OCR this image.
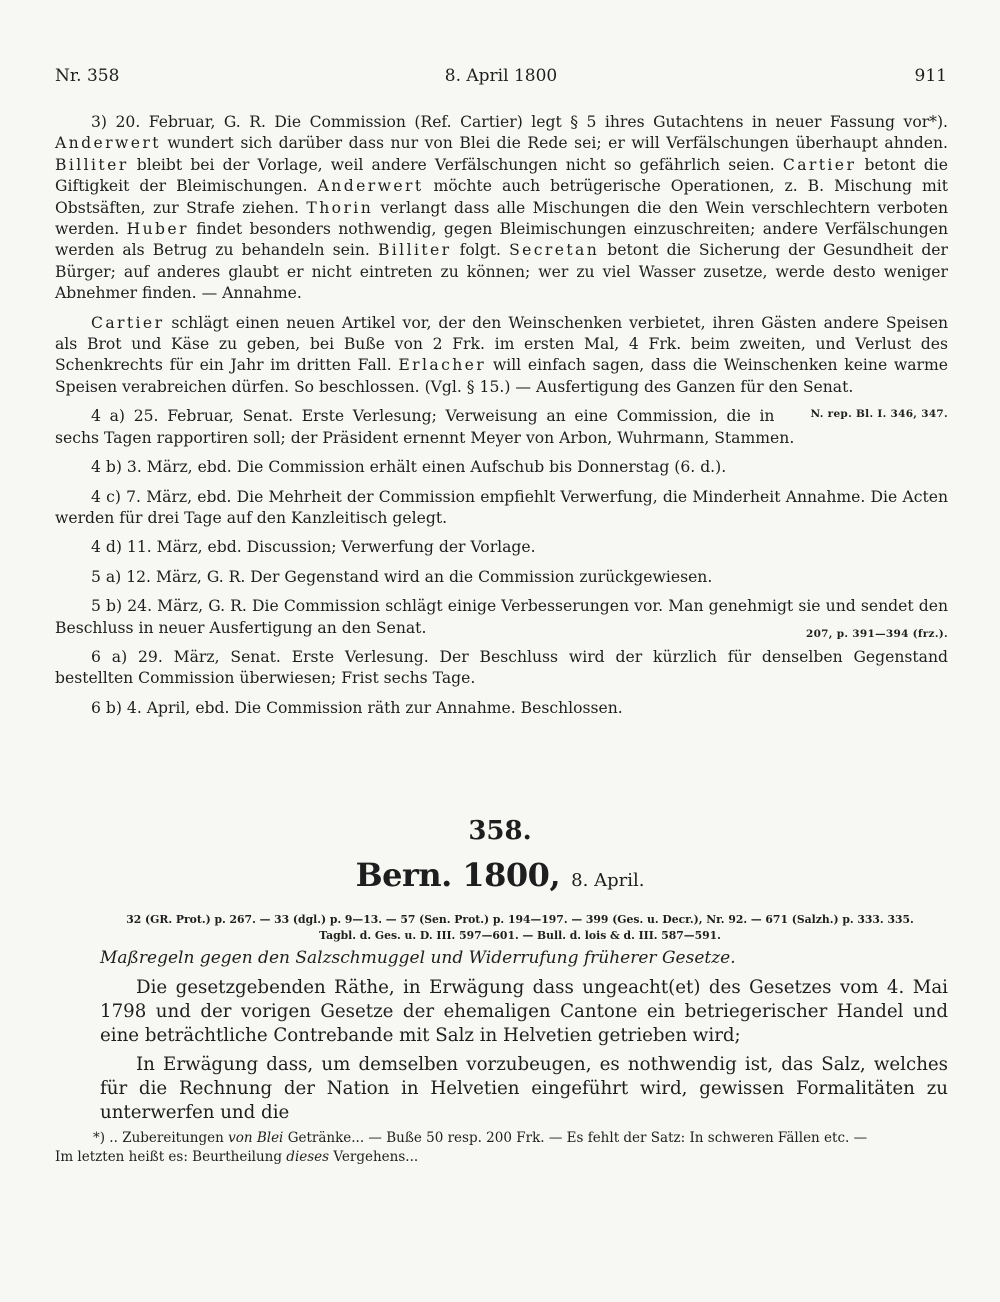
Nr. 358	8. April 1800	911

3) 20. Februar, G. R. Die Commission (Ref. Cartier) legt § 5 ihres Gutachtens in neuer Fassung vor*). Anderwert wundert sich darüber dass nur von Blei die Rede sei; er will Verfälschungen überhaupt ahnden. Billiter bleibt bei der Vorlage, weil andere Verfälschungen nicht so gefährlich seien. Cartier betont die Giftigkeit der Bleimischungen. Anderwert möchte auch betrügerische Operationen, z. B. Mischung mit Obstsäften, zur Strafe ziehen. Thorin verlangt dass alle Mischungen die den Wein verschlechtern verboten werden. Huber findet besonders nothwendig, gegen Bleimischungen einzuschreiten; andere Verfälschungen werden als Betrug zu behandeln sein. Billiter folgt. Secretan betont die Sicherung der Gesundheit der Bürger; auf anderes glaubt er nicht eintreten zu können; wer zu viel Wasser zusetze, werde desto weniger Abnehmer finden. — Annahme.

Cartier schlägt einen neuen Artikel vor, der den Weinschenken verbietet, ihren Gästen andere Speisen als Brot und Käse zu geben, bei Buße von 2 Frk. im ersten Mal, 4 Frk. beim zweiten, und Verlust des Schenkrechts für ein Jahr im dritten Fall. Erlacher will einfach sagen, dass die Weinschenken keine warme Speisen verabreichen dürfen. So beschlossen. (Vgl. § 15.) — Ausfertigung des Ganzen für den Senat.
N. rep. Bl. I. 346, 347.

4 a) 25. Februar, Senat. Erste Verlesung; Verweisung an eine Commission, die in sechs Tagen rapportiren soll; der Präsident ernennt Meyer von Arbon, Wuhrmann, Stammen.

4 b) 3. März, ebd. Die Commission erhält einen Aufschub bis Donnerstag (6. d.).

4 c) 7. März, ebd. Die Mehrheit der Commission empfiehlt Verwerfung, die Minderheit Annahme. Die Acten werden für drei Tage auf den Kanzleitisch gelegt.

4 d) 11. März, ebd. Discussion; Verwerfung der Vorlage.

5 a) 12. März, G. R. Der Gegenstand wird an die Commission zurückgewiesen.

5 b) 24. März, G. R. Die Commission schlägt einige Verbesserungen vor. Man genehmigt sie und sendet den Beschluss in neuer Ausfertigung an den Senat.	207, p. 391—394 (frz.).

6 a) 29. März, Senat. Erste Verlesung. Der Beschluss wird der kürzlich für denselben Gegenstand bestellten Commission überwiesen; Frist sechs Tage.

6 b) 4. April, ebd. Die Commission räth zur Annahme. Beschlossen.

358.
Bern. 1800, 8. April.
32 (GR. Prot.) p. 267. — 33 (dgl.) p. 9—13. — 57 (Sen. Prot.) p. 194—197. — 399 (Ges. u. Decr.), Nr. 92. — 671 (Salzh.) p. 333. 335.
Tagbl. d. Ges. u. D. III. 597—601. — Bull. d. lois & d. III. 587—591.
Maßregeln gegen den Salzschmuggel und Widerrufung früherer Gesetze.

Die gesetzgebenden Räthe, in Erwägung dass ungeacht(et) des Gesetzes vom 4. Mai 1798 und der vorigen Gesetze der ehemaligen Cantone ein betriegerischer Handel und eine beträchtliche Contrebande mit Salz in Helvetien getrieben wird;

In Erwägung dass, um demselben vorzubeugen, es nothwendig ist, das Salz, welches für die Rechnung der Nation in Helvetien eingeführt wird, gewissen Formalitäten zu unterwerfen und die

*) .. Zubereitungen von Blei Getränke... — Buße 50 resp. 200 Frk. — Es fehlt der Satz: In schweren Fällen etc. —
Im letzten heißt es: Beurtheilung dieses Vergehens...
